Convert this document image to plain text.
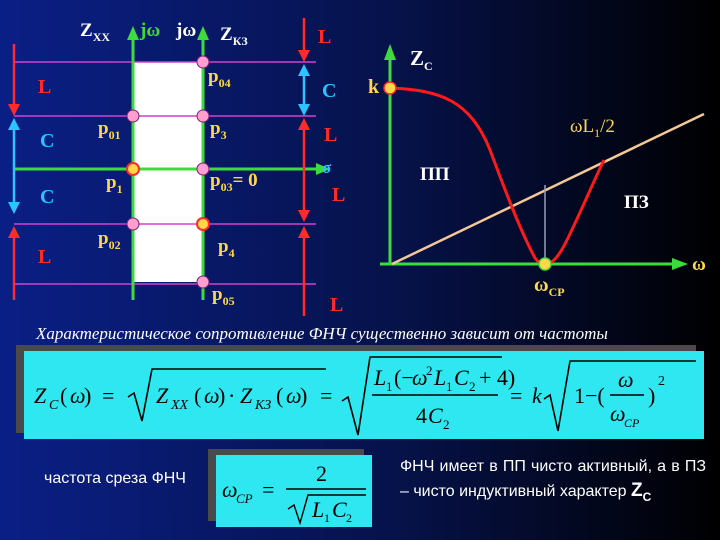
$Z_{XX}$ jω jω $Z_{КЗ}$
σ
$p_{04}$
$p_{01}$	$p_3$
$p_1$	$p_{03}= 0$
$p_{02}$	$p_4$
$p_{05}$
L
C
C
L
L
C
L
L
L
$Z_C$
k
$\omega L_1/2$
ПП
ПЗ
ω
$\omega_{СР}$
Характеристическое сопротивление ФНЧ существенно зависит от частоты
Z C ( ω
) = Z XX ( ω
) · Z КЗ ( ω
) =
L 1 (−
ω
2 L 1 C 2 + 4)
4 C 2
= k 1−(
ω
ω
CP
)
2
ω
CP =
2
L 1 C 2
частота среза ФНЧ
ФНЧ имеет в ПП чисто активный, а в ПЗ – чисто индуктивный характер $Z_C$
